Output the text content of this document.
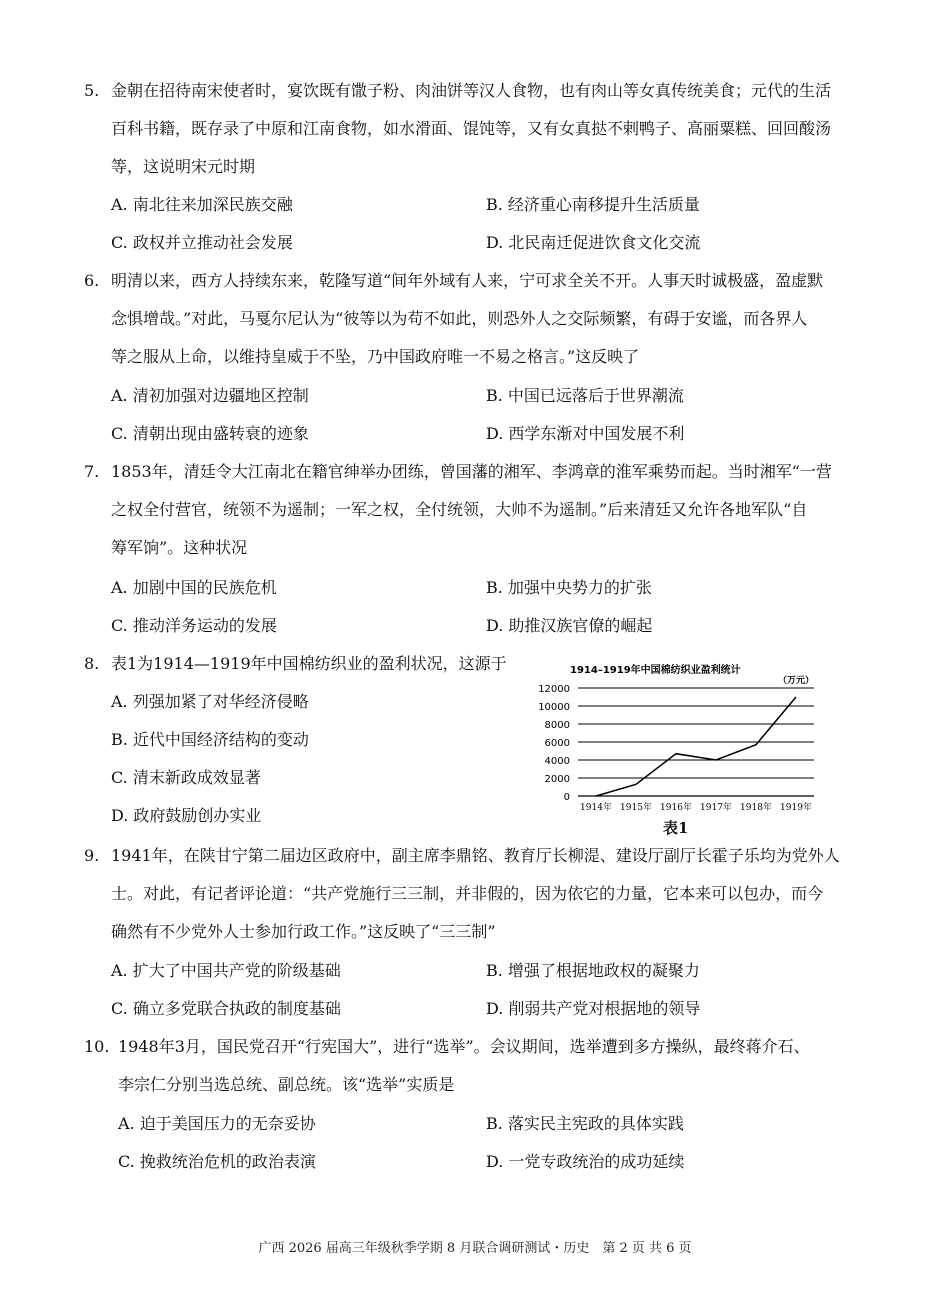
5. 金朝在招待南宋使者时，宴饮既有馓子粉、肉油饼等汉人食物，也有肉山等女真传统美食；元代的生活
百科书籍，既存录了中原和江南食物，如水滑面、馄饨等，又有女真挞不剌鸭子、高丽粟糕、回回酸汤
等，这说明宋元时期
A. 南北往来加深民族交融	B. 经济重心南移提升生活质量
C. 政权并立推动社会发展	D. 北民南迁促进饮食文化交流
6. 明清以来，西方人持续东来，乾隆写道“间年外域有人来，宁可求全关不开。人事天时诚极盛，盈虚默
念惧增哉。”对此，马戛尔尼认为“彼等以为苟不如此，则恐外人之交际频繁，有碍于安谧，而各界人
等之服从上命，以维持皇威于不坠，乃中国政府唯一不易之格言。”这反映了
A. 清初加强对边疆地区控制	B. 中国已远落后于世界潮流
C. 清朝出现由盛转衰的迹象	D. 西学东渐对中国发展不利
7. 1853年，清廷令大江南北在籍官绅举办团练，曾国藩的湘军、李鸿章的淮军乘势而起。当时湘军“一营
之权全付营官，统领不为遥制；一军之权，全付统领，大帅不为遥制。”后来清廷又允许各地军队“自
筹军饷”。这种状况
A. 加剧中国的民族危机	B. 加强中央势力的扩张
C. 推动洋务运动的发展	D. 助推汉族官僚的崛起
8. 表1为1914—1919年中国棉纺织业的盈利状况，这源于
A. 列强加紧了对华经济侵略
B. 近代中国经济结构的变动
C. 清末新政成效显著
D. 政府鼓励创办实业
1914–1919年中国棉纺织业盈利统计
（万元）
0
2000
4000
6000
8000
10000
12000
1914年 1915年 1916年 1917年 1918年 1919年
表1
9. 1941年，在陕甘宁第二届边区政府中，副主席李鼎铭、教育厅长柳湜、建设厅副厅长霍子乐均为党外人
士。对此，有记者评论道：“共产党施行三三制，并非假的，因为依它的力量，它本来可以包办，而今
确然有不少党外人士参加行政工作。”这反映了“三三制”
A. 扩大了中国共产党的阶级基础	B. 增强了根据地政权的凝聚力
C. 确立多党联合执政的制度基础	D. 削弱共产党对根据地的领导
10. 1948年3月，国民党召开“行宪国大”，进行“选举”。会议期间，选举遭到多方操纵，最终蒋介石、
李宗仁分别当选总统、副总统。该“选举”实质是
A. 迫于美国压力的无奈妥协	B. 落实民主宪政的具体实践
C. 挽救统治危机的政治表演	D. 一党专政统治的成功延续
广西 2026 届高三年级秋季学期 8 月联合调研测试・历史　第 2 页 共 6 页
